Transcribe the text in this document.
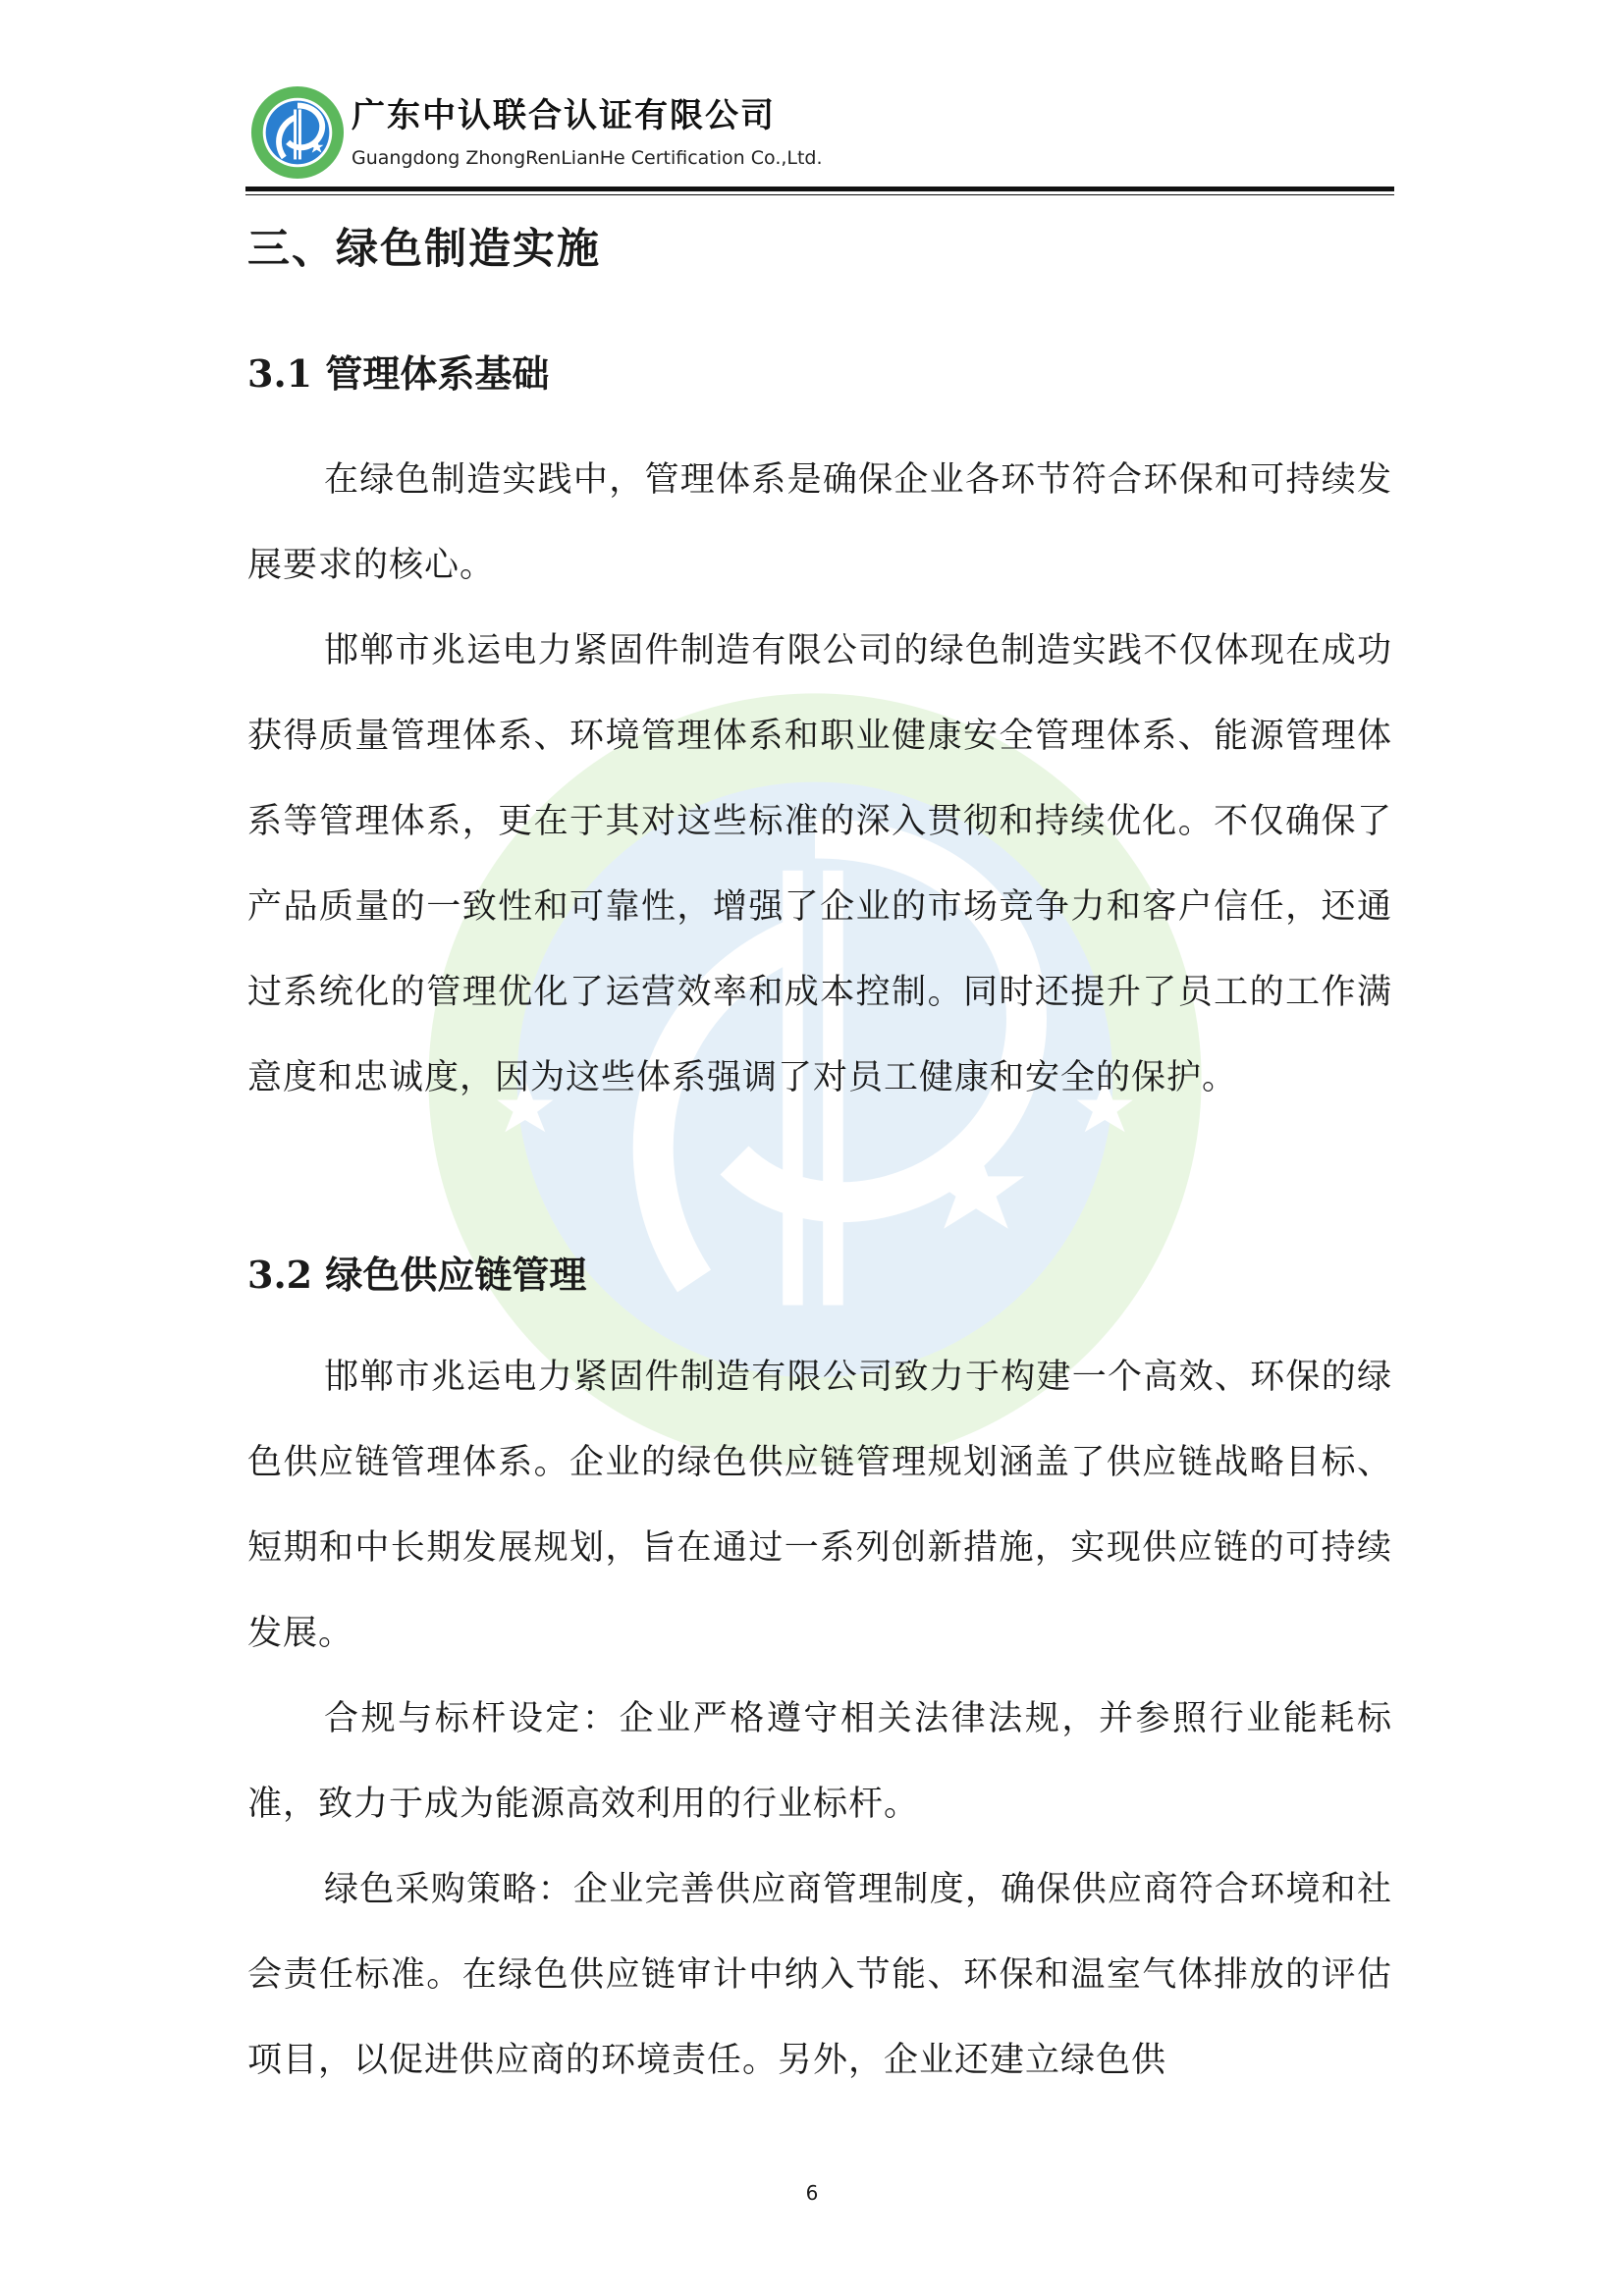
广东中认联合认证有限公司
Guangdong ZhongRenLianHe Certification Co.,Ltd.
三、绿色制造实施
3.1 管理体系基础

在绿色制造实践中，管理体系是确保企业各环节符合环保和可持续发展要求的核心。

邯郸市兆运电力紧固件制造有限公司的绿色制造实践不仅体现在成功获得质量管理体系、环境管理体系和职业健康安全管理体系、能源管理体系等管理体系，更在于其对这些标准的深入贯彻和持续优化。不仅确保了产品质量的一致性和可靠性，增强了企业的市场竞争力和客户信任，还通过系统化的管理优化了运营效率和成本控制。同时还提升了员工的工作满意度和忠诚度，因为这些体系强调了对员工健康和安全的保护。

3.2 绿色供应链管理

邯郸市兆运电力紧固件制造有限公司致力于构建一个高效、环保的绿色供应链管理体系。企业的绿色供应链管理规划涵盖了供应链战略目标、短期和中长期发展规划，旨在通过一系列创新措施，实现供应链的可持续发展。

合规与标杆设定：企业严格遵守相关法律法规，并参照行业能耗标准，致力于成为能源高效利用的行业标杆。

绿色采购策略：企业完善供应商管理制度，确保供应商符合环境和社会责任标准。在绿色供应链审计中纳入节能、环保和温室气体排放的评估项目，以促进供应商的环境责任。另外，企业还建立绿色供

6
